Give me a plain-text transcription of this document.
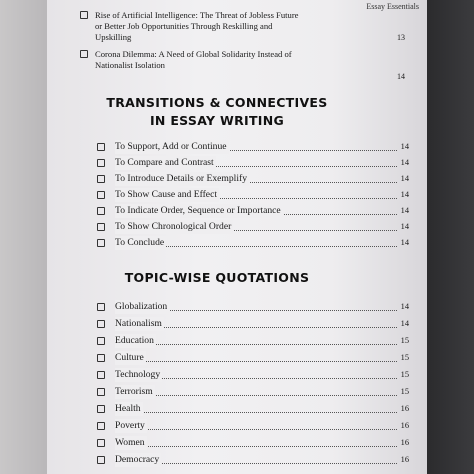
Essay Essentials
Rise of Artificial Intelligence: The Threat of Jobless Future
or Better Job Opportunities Through Reskilling and
Upskilling	13
Corona Dilemma: A Need of Global Solidarity Instead of
Nationalist Isolation
14
TRANSITIONS & CONNECTIVES
IN ESSAY WRITING
To Support, Add or Continue	14
To Compare and Contrast	14
To Introduce Details or Exemplify	14
To Show Cause and Effect	14
To Indicate Order, Sequence or Importance	14
To Show Chronological Order	14
To Conclude	14
TOPIC-WISE QUOTATIONS
Globalization	14
Nationalism	14
Education	15
Culture	15
Technology	15
Terrorism	15
Health	16
Poverty	16
Women	16
Democracy	16
